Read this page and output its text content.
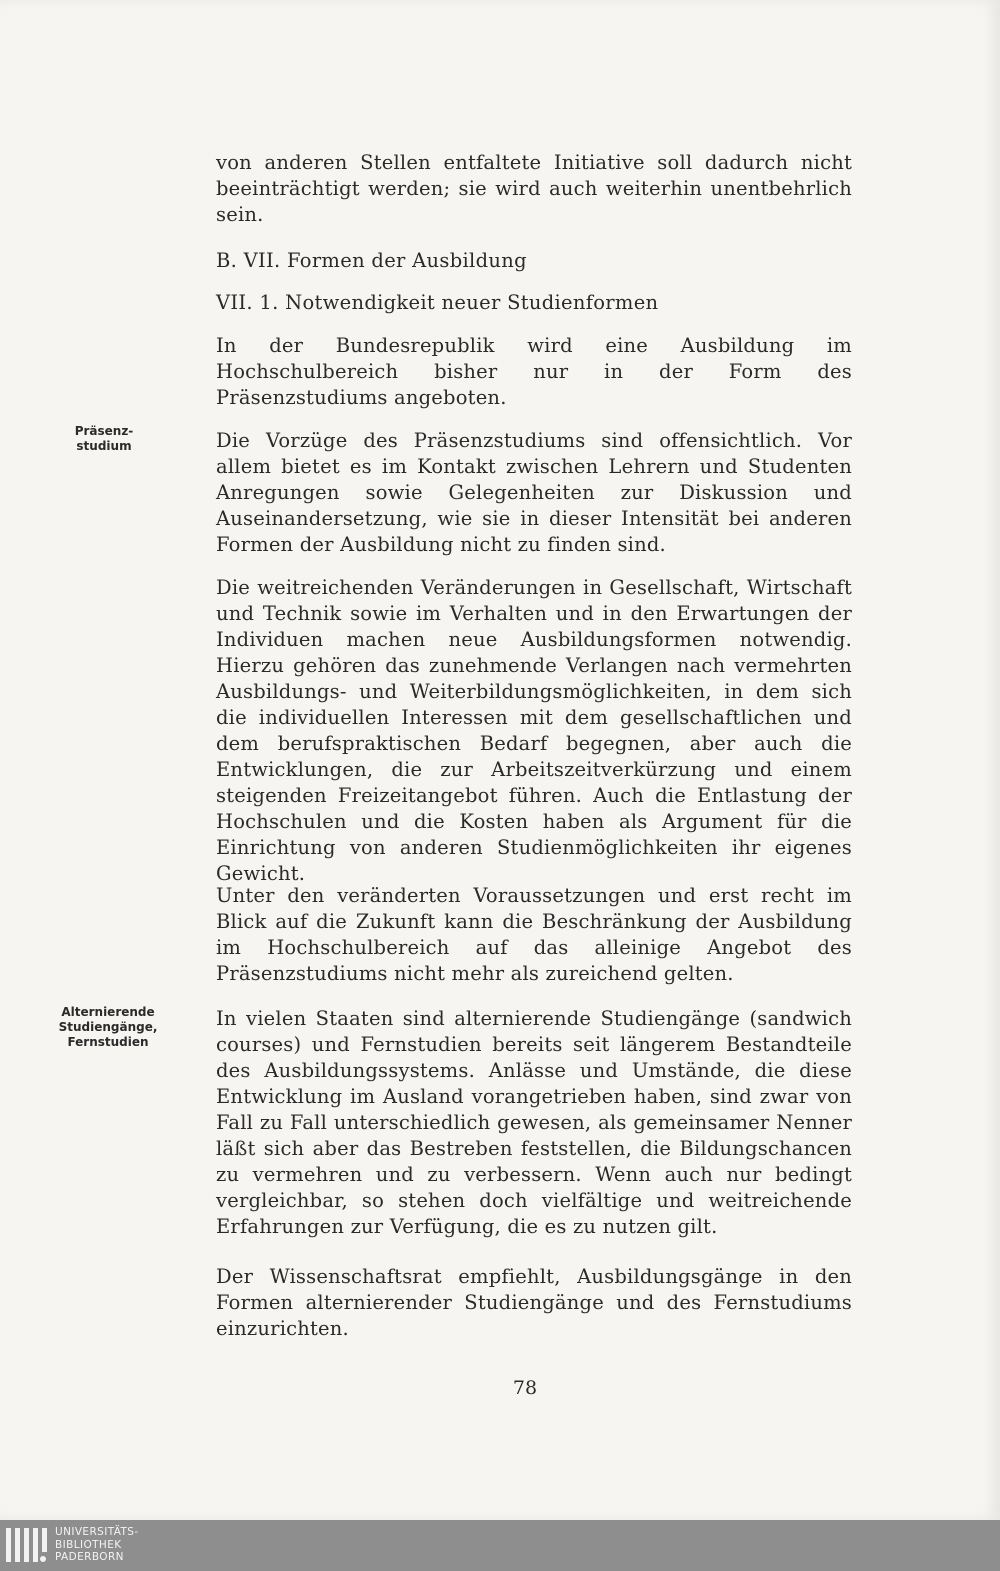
von anderen Stellen entfaltete Initiative soll dadurch nicht beeinträchtigt werden; sie wird auch weiterhin unentbehrlich sein.

B. VII. Formen der Ausbildung

VII. 1. Notwendigkeit neuer Studienformen

In der Bundesrepublik wird eine Ausbildung im Hochschulbereich bisher nur in der Form des Präsenzstudiums angeboten.

Präsenz-
studium	Die Vorzüge des Präsenzstudiums sind offensichtlich. Vor allem bietet es im Kontakt zwischen Lehrern und Studenten Anregungen sowie Gelegenheiten zur Diskussion und Auseinandersetzung, wie sie in dieser Intensität bei anderen Formen der Ausbildung nicht zu finden sind.

Die weitreichenden Veränderungen in Gesellschaft, Wirtschaft und Technik sowie im Verhalten und in den Erwartungen der Individuen machen neue Ausbildungsformen notwendig. Hierzu gehören das zunehmende Verlangen nach vermehrten Ausbildungs- und Weiterbildungsmöglichkeiten, in dem sich die individuellen Interessen mit dem gesellschaftlichen und dem berufspraktischen Bedarf begegnen, aber auch die Entwicklungen, die zur Arbeitszeitverkürzung und einem steigenden Freizeitangebot führen. Auch die Entlastung der Hochschulen und die Kosten haben als Argument für die Einrichtung von anderen Studienmöglichkeiten ihr eigenes Gewicht.

Unter den veränderten Voraussetzungen und erst recht im Blick auf die Zukunft kann die Beschränkung der Ausbildung im Hochschulbereich auf das alleinige Angebot des Präsenzstudiums nicht mehr als zureichend gelten.

Alternierende
Studiengänge,
Fernstudien

In vielen Staaten sind alternierende Studiengänge (sandwich courses) und Fernstudien bereits seit längerem Bestandteile des Ausbildungssystems. Anlässe und Umstände, die diese Entwicklung im Ausland vorangetrieben haben, sind zwar von Fall zu Fall unterschiedlich gewesen, als gemeinsamer Nenner läßt sich aber das Bestreben feststellen, die Bildungschancen zu vermehren und zu verbessern. Wenn auch nur bedingt vergleichbar, so stehen doch vielfältige und weitreichende Erfahrungen zur Verfügung, die es zu nutzen gilt.

Der Wissenschaftsrat empfiehlt, Ausbildungsgänge in den Formen alternierender Studiengänge und des Fernstudiums einzurichten.

78
UNIVERSITÄTS-
BIBLIOTHEK
PADERBORN
